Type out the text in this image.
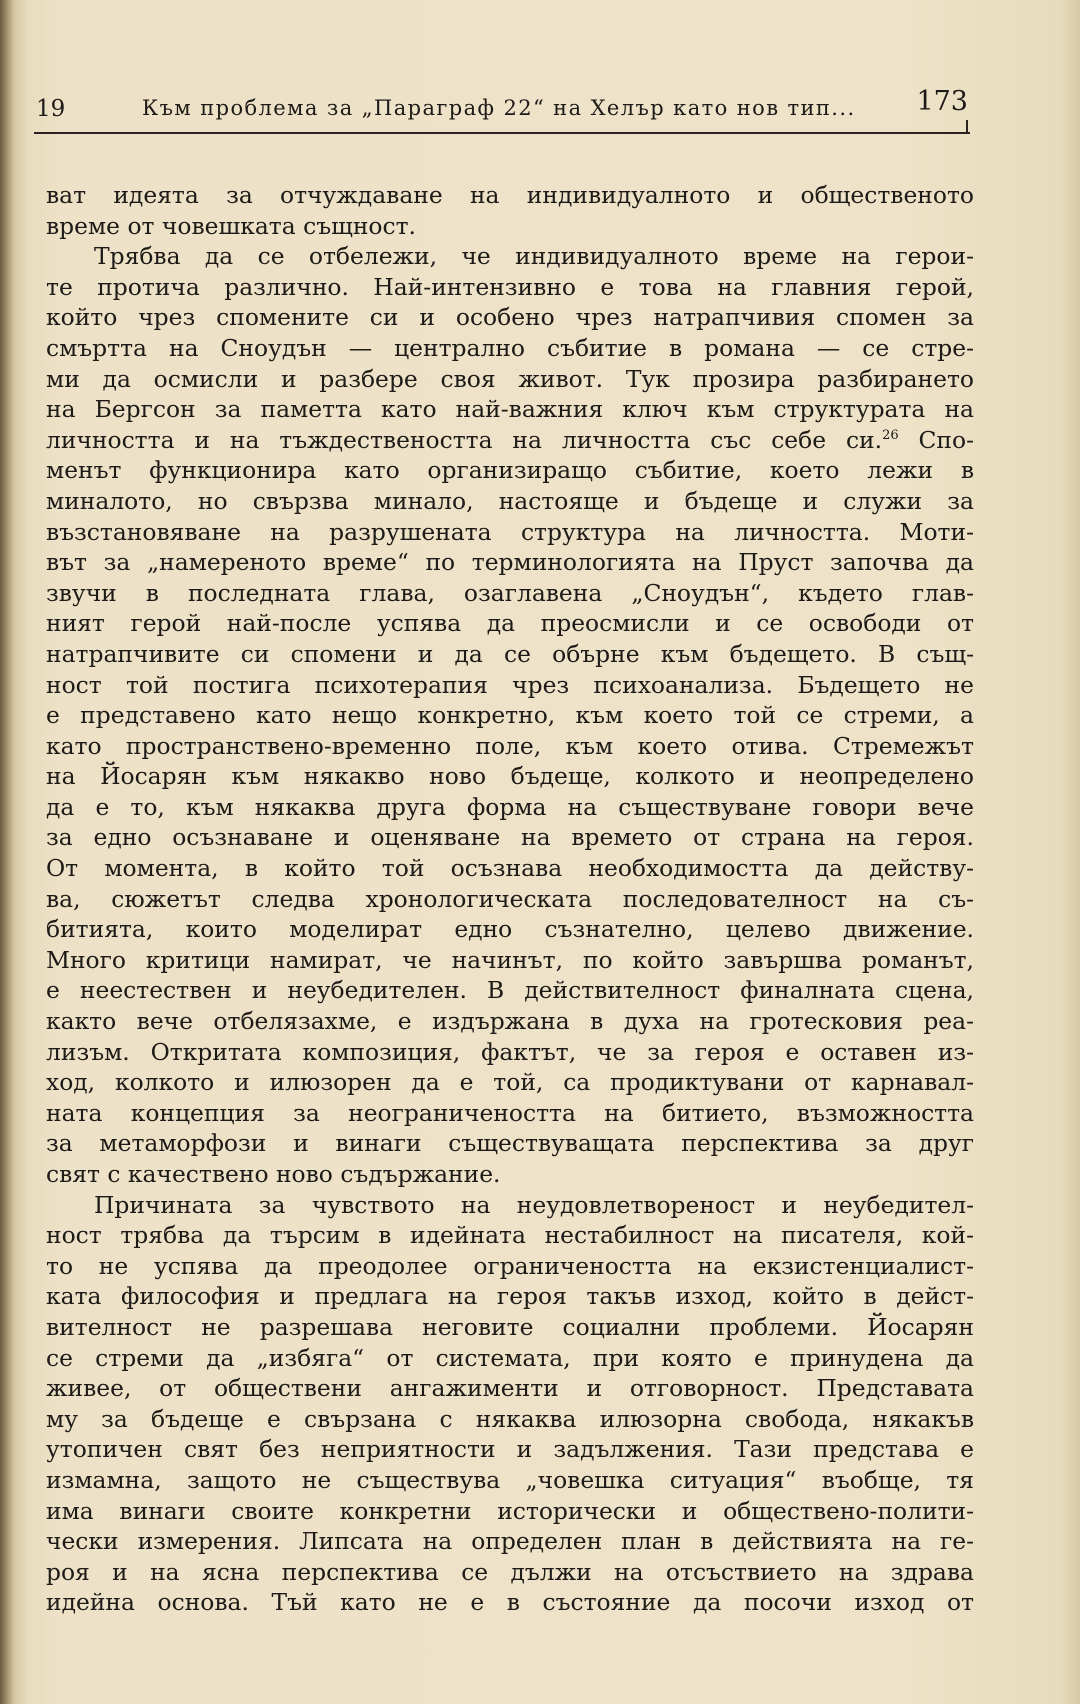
19	Към проблема за „Параграф 22“ на Хелър като нов тип... 173
ват идеята за отчуждаване на индивидуалното и общественото
време от човешката същност.
Трябва да се отбележи, че индивидуалното време на герои-
те протича различно. Най-интензивно е това на главния герой,
който чрез спомените си и особено чрез натрапчивия спомен за
смъртта на Сноудън — централно събитие в романа — се стре-
ми да осмисли и разбере своя живот. Тук прозира разбирането
на Бергсон за паметта като най-важния ключ към структурата на
личността и на тъждествеността на личността със себе си.$^{26}$ Спо-
менът функционира като организиращо събитие, което лежи в
миналото, но свързва минало, настояще и бъдеще и служи за
възстановяване на разрушената структура на личността. Моти-
вът за „намереното време“ по терминологията на Пруст започва да
звучи в последната глава, озаглавена „Сноудън“, където глав-
ният герой най-после успява да преосмисли и се освободи от
натрапчивите си спомени и да се обърне към бъдещето. В същ-
ност той постига психотерапия чрез психоанализа. Бъдещето не
е представено като нещо конкретно, към което той се стреми, а
като пространствено-временно поле, към което отива. Стремежът
на Йосарян към някакво ново бъдеще, колкото и неопределено
да е то, към някаква друга форма на съществуване говори вече
за едно осъзнаване и оценяване на времето от страна на героя.
От момента, в който той осъзнава необходимостта да действу-
ва, сюжетът следва хронологическата последователност на съ-
битията, които моделират едно съзнателно, целево движение.
Много критици намират, че начинът, по който завършва романът,
е неестествен и неубедителен. В действителност финалната сцена,
както вече отбелязахме, е издържана в духа на гротесковия реа-
лизъм. Откритата композиция, фактът, че за героя е оставен из-
ход, колкото и илюзорен да е той, са продиктувани от карнавал-
ната концепция за неограничеността на битието, възможността
за метаморфози и винаги съществуващата перспектива за друг
свят с качествено ново съдържание.
Причината за чувството на неудовлетвореност и неубедител-
ност трябва да търсим в идейната нестабилност на писателя, кой-
то не успява да преодолее ограничеността на екзистенциалист-
ката философия и предлага на героя такъв изход, който в дейст-
вителност не разрешава неговите социални проблеми. Йосарян
се стреми да „избяга“ от системата, при която е принудена да
живее, от обществени ангажименти и отговорност. Представата
му за бъдеще е свързана с някаква илюзорна свобода, някакъв
утопичен свят без неприятности и задължения. Тази представа е
измамна, защото не съществува „човешка ситуация“ въобще, тя
има винаги своите конкретни исторически и обществено-полити-
чески измерения. Липсата на определен план в действията на ге-
роя и на ясна перспектива се дължи на отсъствието на здрава
идейна основа. Тъй като не е в състояние да посочи изход от
